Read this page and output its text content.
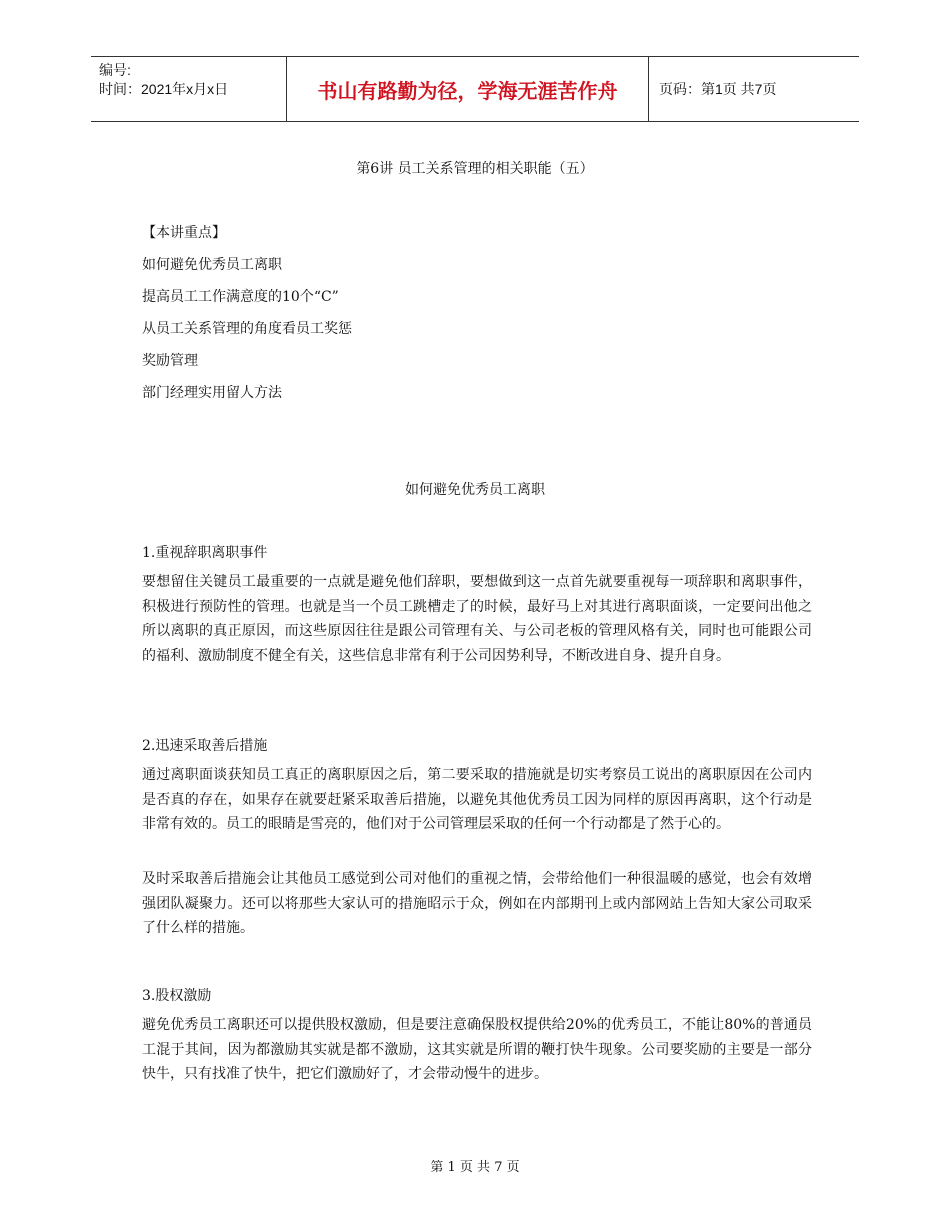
编号:
时间：2021年x月x日	书山有路勤为径，学海无涯苦作舟	页码：第1页 共7页
第6讲 员工关系管理的相关职能（五）
【本讲重点】
如何避免优秀员工离职
提高员工工作满意度的10个“C”
从员工关系管理的角度看员工奖惩
奖励管理
部门经理实用留人方法
如何避免优秀员工离职
1.重视辞职离职事件
要想留住关键员工最重要的一点就是避免他们辞职，要想做到这一点首先就要重视每一项辞职和离职事件，积极进行预防性的管理。也就是当一个员工跳槽走了的时候，最好马上对其进行离职面谈，一定要问出他之所以离职的真正原因，而这些原因往往是跟公司管理有关、与公司老板的管理风格有关，同时也可能跟公司的福利、激励制度不健全有关，这些信息非常有利于公司因势利导，不断改进自身、提升自身。
2.迅速采取善后措施
通过离职面谈获知员工真正的离职原因之后，第二要采取的措施就是切实考察员工说出的离职原因在公司内是否真的存在，如果存在就要赶紧采取善后措施，以避免其他优秀员工因为同样的原因再离职，这个行动是非常有效的。员工的眼睛是雪亮的，他们对于公司管理层采取的任何一个行动都是了然于心的。
及时采取善后措施会让其他员工感觉到公司对他们的重视之情，会带给他们一种很温暖的感觉，也会有效增强团队凝聚力。还可以将那些大家认可的措施昭示于众，例如在内部期刊上或内部网站上告知大家公司取采了什么样的措施。
3.股权激励
避免优秀员工离职还可以提供股权激励，但是要注意确保股权提供给20%的优秀员工，不能让80%的普通员工混于其间，因为都激励其实就是都不激励，这其实就是所谓的鞭打快牛现象。公司要奖励的主要是一部分快牛，只有找准了快牛，把它们激励好了，才会带动慢牛的进步。
第 1 页 共 7 页
